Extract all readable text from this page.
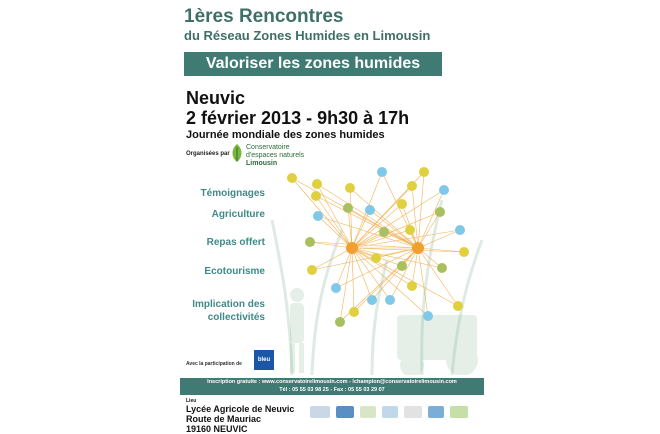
1ères Rencontres
du Réseau Zones Humides en Limousin
Valoriser les zones humides
Neuvic
2 février 2013 - 9h30 à 17h
Journée mondiale des zones humides
Organisées par
Conservatoire
d'espaces naturels
Limousin
Témoignages
Agriculture
Repas offert
Ecotourisme
Implication des collectivités
Avec la participation de
bleu
Inscription gratuite : www.conservatoirelimousin.com - lchampion@conservatoirelimousin.com
Tél : 05 55 03 98 25 - Fax : 05 55 03 29 07
Lieu
Lycée Agricole de Neuvic
Route de Mauriac
19160 NEUVIC
